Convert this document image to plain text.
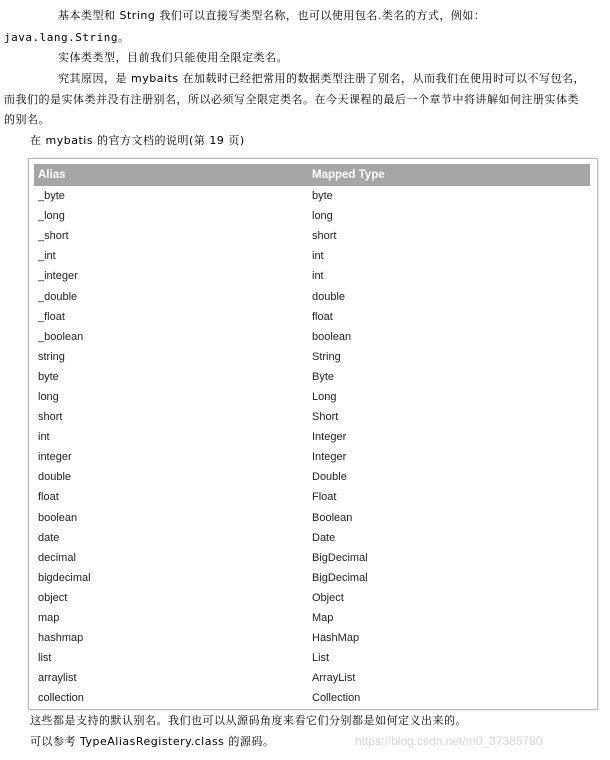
基本类型和 String 我们可以直接写类型名称，也可以使用包名.类名的方式，例如：
java.lang.String。
实体类类型，目前我们只能使用全限定类名。
究其原因，是 mybaits 在加载时已经把常用的数据类型注册了别名，从而我们在使用时可以不写包名，
而我们的是实体类并没有注册别名，所以必须写全限定类名。在今天课程的最后一个章节中将讲解如何注册实体类
的别名。
在 mybatis 的官方文档的说明(第 19 页)
Alias	Mapped Type
_byte	byte
_long	long
_short	short
_int	int
_integer	int
_double	double
_float	float
_boolean	boolean
string	String
byte	Byte
long	Long
short	Short
int	Integer
integer	Integer
double	Double
float	Float
boolean	Boolean
date	Date
decimal	BigDecimal
bigdecimal	BigDecimal
object	Object
map	Map
hashmap	HashMap
list	List
arraylist	ArrayList
collection	Collection
这些都是支持的默认别名。我们也可以从源码角度来看它们分别都是如何定义出来的。
可以参考 TypeAliasRegistery.class 的源码。	https://blog.csdn.net/m0_37385780
